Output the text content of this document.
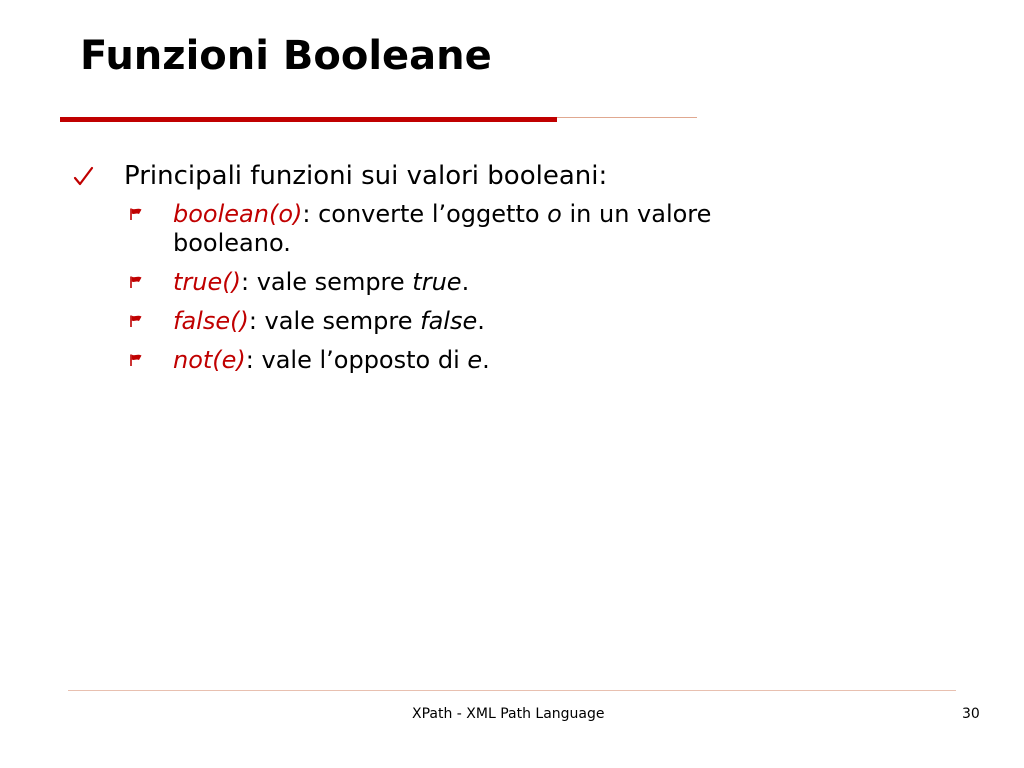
Funzioni Booleane
Principali funzioni sui valori booleani:
boolean(o): converte l’oggetto o in un valore booleano.
true(): vale sempre true.
false(): vale sempre false.
not(e): vale l’opposto di e.
XPath - XML Path Language	30
